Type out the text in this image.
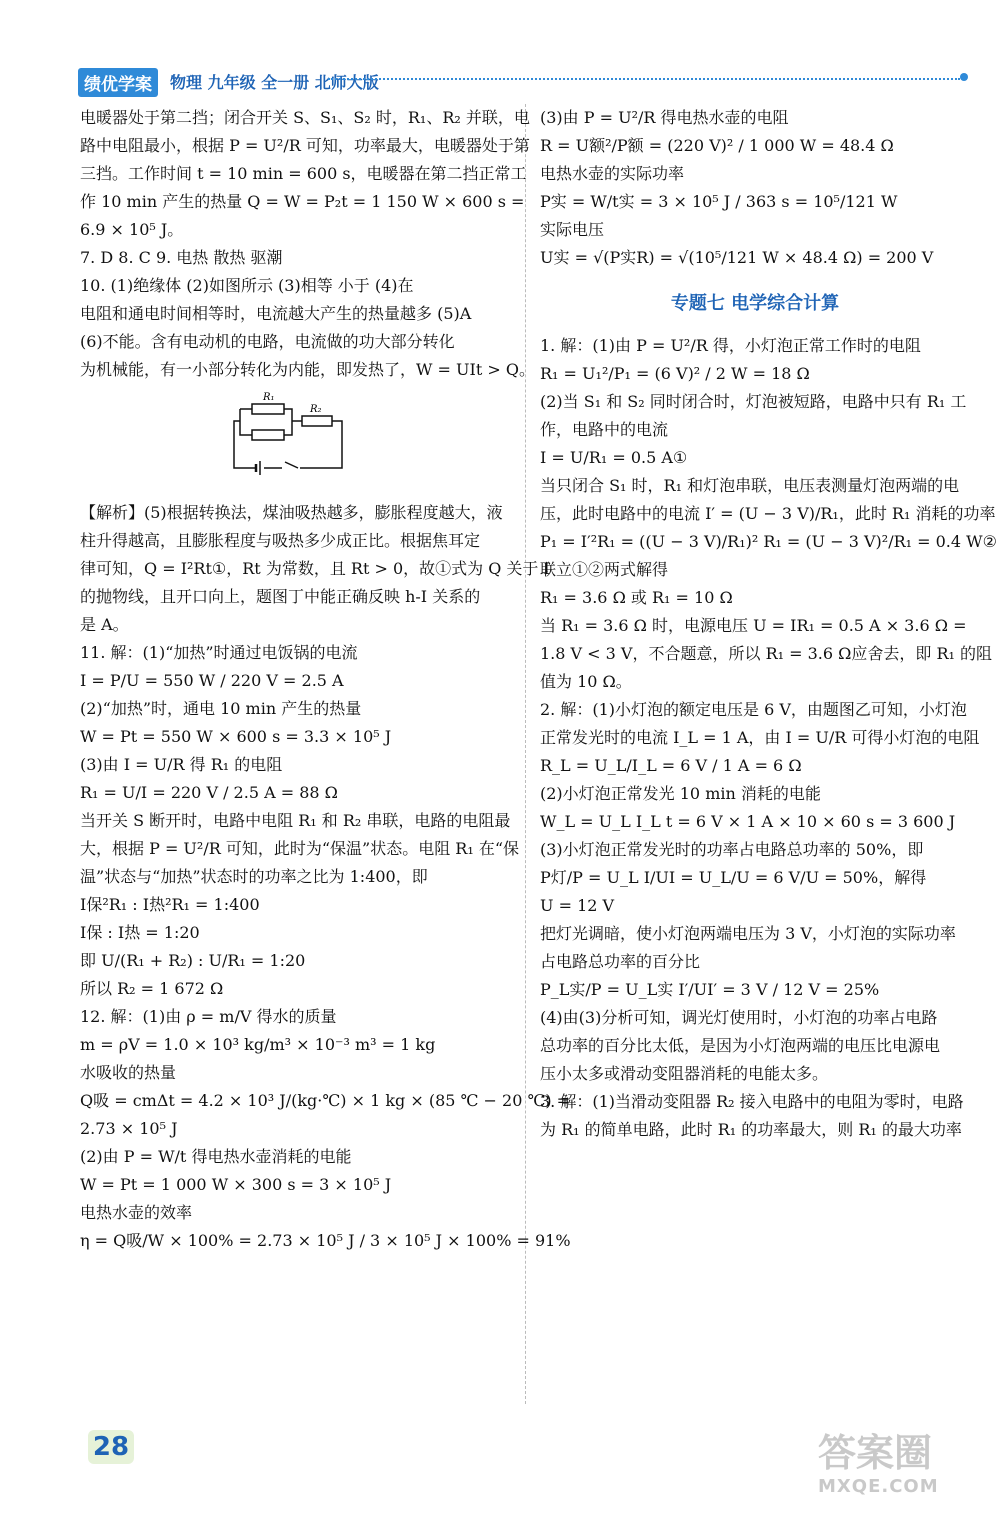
绩优学案	物理 九年级 全一册 北师大版

电暖器处于第二挡；闭合开关 S、S₁、S₂ 时，R₁、R₂ 并联，电

路中电阻最小，根据 P = U²/R 可知，功率最大，电暖器处于第

三挡。工作时间 t = 10 min = 600 s，电暖器在第二挡正常工

作 10 min 产生的热量 Q = W = P₂t = 1 150 W × 600 s =

6.9 × 10⁵ J。

7. D 8. C 9. 电热 散热 驱潮

10. (1)绝缘体 (2)如图所示 (3)相等 小于 (4)在

电阻和通电时间相等时，电流越大产生的热量越多 (5)A

(6)不能。含有电动机的电路，电流做的功大部分转化

为机械能，有一小部分转化为内能，即发热了，W = UIt > Q。

R₁
R₂

【解析】(5)根据转换法，煤油吸热越多，膨胀程度越大，液

柱升得越高，且膨胀程度与吸热多少成正比。根据焦耳定

律可知，Q = I²Rt①，Rt 为常数，且 Rt > 0，故①式为 Q 关于 I

的抛物线，且开口向上，题图丁中能正确反映 h-I 关系的

是 A。

11. 解：(1)“加热”时通过电饭锅的电流

I = P/U = 550 W / 220 V = 2.5 A

(2)“加热”时，通电 10 min 产生的热量

W = Pt = 550 W × 600 s = 3.3 × 10⁵ J

(3)由 I = U/R 得 R₁ 的电阻

R₁ = U/I = 220 V / 2.5 A = 88 Ω

当开关 S 断开时，电路中电阻 R₁ 和 R₂ 串联，电路的电阻最

大，根据 P = U²/R 可知，此时为“保温”状态。电阻 R₁ 在“保

温”状态与“加热”状态时的功率之比为 1:400，即

I保²R₁ : I热²R₁ = 1:400

I保 : I热 = 1:20

即 U/(R₁ + R₂) : U/R₁ = 1:20

所以 R₂ = 1 672 Ω

12. 解：(1)由 ρ = m/V 得水的质量

m = ρV = 1.0 × 10³ kg/m³ × 10⁻³ m³ = 1 kg

水吸收的热量

Q吸 = cmΔt = 4.2 × 10³ J/(kg·℃) × 1 kg × (85 ℃ − 20 ℃) =

2.73 × 10⁵ J

(2)由 P = W/t 得电热水壶消耗的电能

W = Pt = 1 000 W × 300 s = 3 × 10⁵ J

电热水壶的效率

η = Q吸/W × 100% = 2.73 × 10⁵ J / 3 × 10⁵ J × 100% = 91%

(3)由 P = U²/R 得电热水壶的电阻

R = U额²/P额 = (220 V)² / 1 000 W = 48.4 Ω

电热水壶的实际功率

P实 = W/t实 = 3 × 10⁵ J / 363 s = 10⁵/121 W

实际电压

U实 = √(P实R) = √(10⁵/121 W × 48.4 Ω) = 200 V

专题七 电学综合计算

1. 解：(1)由 P = U²/R 得，小灯泡正常工作时的电阻

R₁ = U₁²/P₁ = (6 V)² / 2 W = 18 Ω

(2)当 S₁ 和 S₂ 同时闭合时，灯泡被短路，电路中只有 R₁ 工

作，电路中的电流

I = U/R₁ = 0.5 A①

当只闭合 S₁ 时，R₁ 和灯泡串联，电压表测量灯泡两端的电

压，此时电路中的电流 I′ = (U − 3 V)/R₁，此时 R₁ 消耗的功率

P₁ = I′²R₁ = ((U − 3 V)/R₁)² R₁ = (U − 3 V)²/R₁ = 0.4 W②

联立①②两式解得

R₁ = 3.6 Ω 或 R₁ = 10 Ω

当 R₁ = 3.6 Ω 时，电源电压 U = IR₁ = 0.5 A × 3.6 Ω =

1.8 V < 3 V，不合题意，所以 R₁ = 3.6 Ω应舍去，即 R₁ 的阻

值为 10 Ω。

2. 解：(1)小灯泡的额定电压是 6 V，由题图乙可知，小灯泡

正常发光时的电流 I_L = 1 A，由 I = U/R 可得小灯泡的电阻

R_L = U_L/I_L = 6 V / 1 A = 6 Ω

(2)小灯泡正常发光 10 min 消耗的电能

W_L = U_L I_L t = 6 V × 1 A × 10 × 60 s = 3 600 J

(3)小灯泡正常发光时的功率占电路总功率的 50%，即

P灯/P = U_L I/UI = U_L/U = 6 V/U = 50%，解得

U = 12 V

把灯光调暗，使小灯泡两端电压为 3 V，小灯泡的实际功率

占电路总功率的百分比

P_L实/P = U_L实 I′/UI′ = 3 V / 12 V = 25%

(4)由(3)分析可知，调光灯使用时，小灯泡的功率占电路

总功率的百分比太低，是因为小灯泡两端的电压比电源电

压小太多或滑动变阻器消耗的电能太多。

3. 解：(1)当滑动变阻器 R₂ 接入电路中的电阻为零时，电路

为 R₁ 的简单电路，此时 R₁ 的功率最大，则 R₁ 的最大功率

28	答案圈
MXQE.COM
